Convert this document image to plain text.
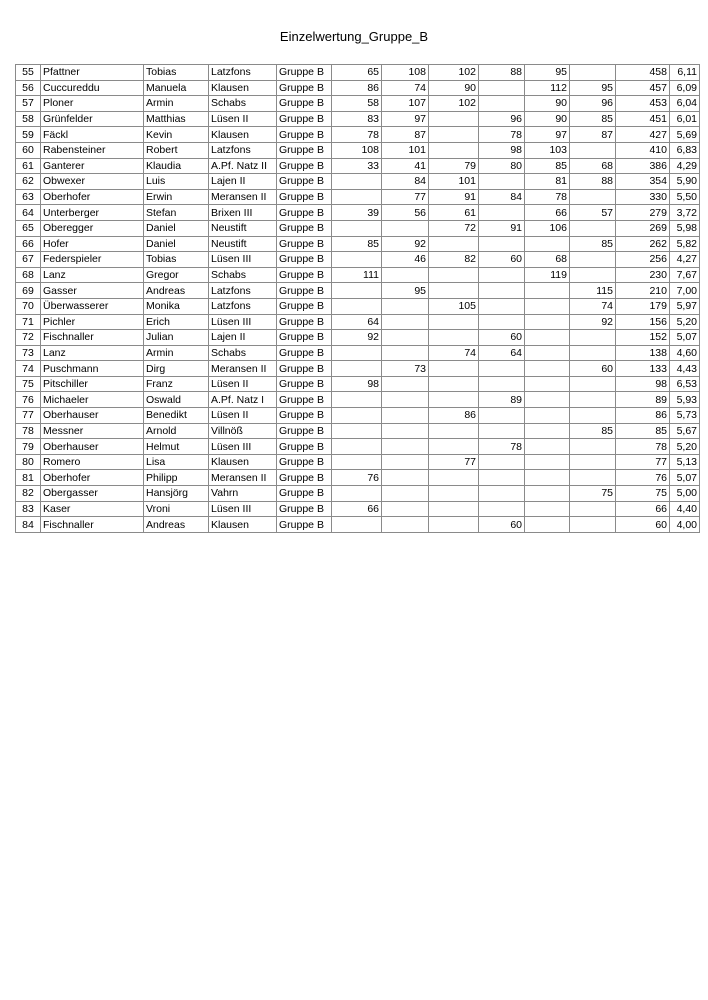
Einzelwertung_Gruppe_B
55	Pfattner	Tobias	Latzfons	Gruppe B	65	108	102	88	95		458	6,11
56	Cuccureddu	Manuela	Klausen	Gruppe B	86	74	90		112	95	457	6,09
57	Ploner	Armin	Schabs	Gruppe B	58	107	102		90	96	453	6,04
58	Grünfelder	Matthias	Lüsen II	Gruppe B	83	97		96	90	85	451	6,01
59	Fäckl	Kevin	Klausen	Gruppe B	78	87		78	97	87	427	5,69
60	Rabensteiner	Robert	Latzfons	Gruppe B	108	101		98	103		410	6,83
61	Ganterer	Klaudia	A.Pf. Natz II	Gruppe B	33	41	79	80	85	68	386	4,29
62	Obwexer	Luis	Lajen II	Gruppe B		84	101		81	88	354	5,90
63	Oberhofer	Erwin	Meransen II	Gruppe B		77	91	84	78		330	5,50
64	Unterberger	Stefan	Brixen III	Gruppe B	39	56	61		66	57	279	3,72
65	Oberegger	Daniel	Neustift	Gruppe B			72	91	106		269	5,98
66	Hofer	Daniel	Neustift	Gruppe B	85	92				85	262	5,82
67	Federspieler	Tobias	Lüsen III	Gruppe B		46	82	60	68		256	4,27
68	Lanz	Gregor	Schabs	Gruppe B	111				119		230	7,67
69	Gasser	Andreas	Latzfons	Gruppe B		95				115	210	7,00
70	Überwasserer	Monika	Latzfons	Gruppe B			105			74	179	5,97
71	Pichler	Erich	Lüsen III	Gruppe B	64					92	156	5,20
72	Fischnaller	Julian	Lajen II	Gruppe B	92			60			152	5,07
73	Lanz	Armin	Schabs	Gruppe B			74	64			138	4,60
74	Puschmann	Dirg	Meransen II	Gruppe B		73				60	133	4,43
75	Pitschiller	Franz	Lüsen II	Gruppe B	98						98	6,53
76	Michaeler	Oswald	A.Pf. Natz I	Gruppe B				89			89	5,93
77	Oberhauser	Benedikt	Lüsen II	Gruppe B			86				86	5,73
78	Messner	Arnold	Villnöß	Gruppe B						85	85	5,67
79	Oberhauser	Helmut	Lüsen III	Gruppe B				78			78	5,20
80	Romero	Lisa	Klausen	Gruppe B			77				77	5,13
81	Oberhofer	Philipp	Meransen II	Gruppe B	76						76	5,07
82	Obergasser	Hansjörg	Vahrn	Gruppe B						75	75	5,00
83	Kaser	Vroni	Lüsen III	Gruppe B	66						66	4,40
84	Fischnaller	Andreas	Klausen	Gruppe B				60			60	4,00
